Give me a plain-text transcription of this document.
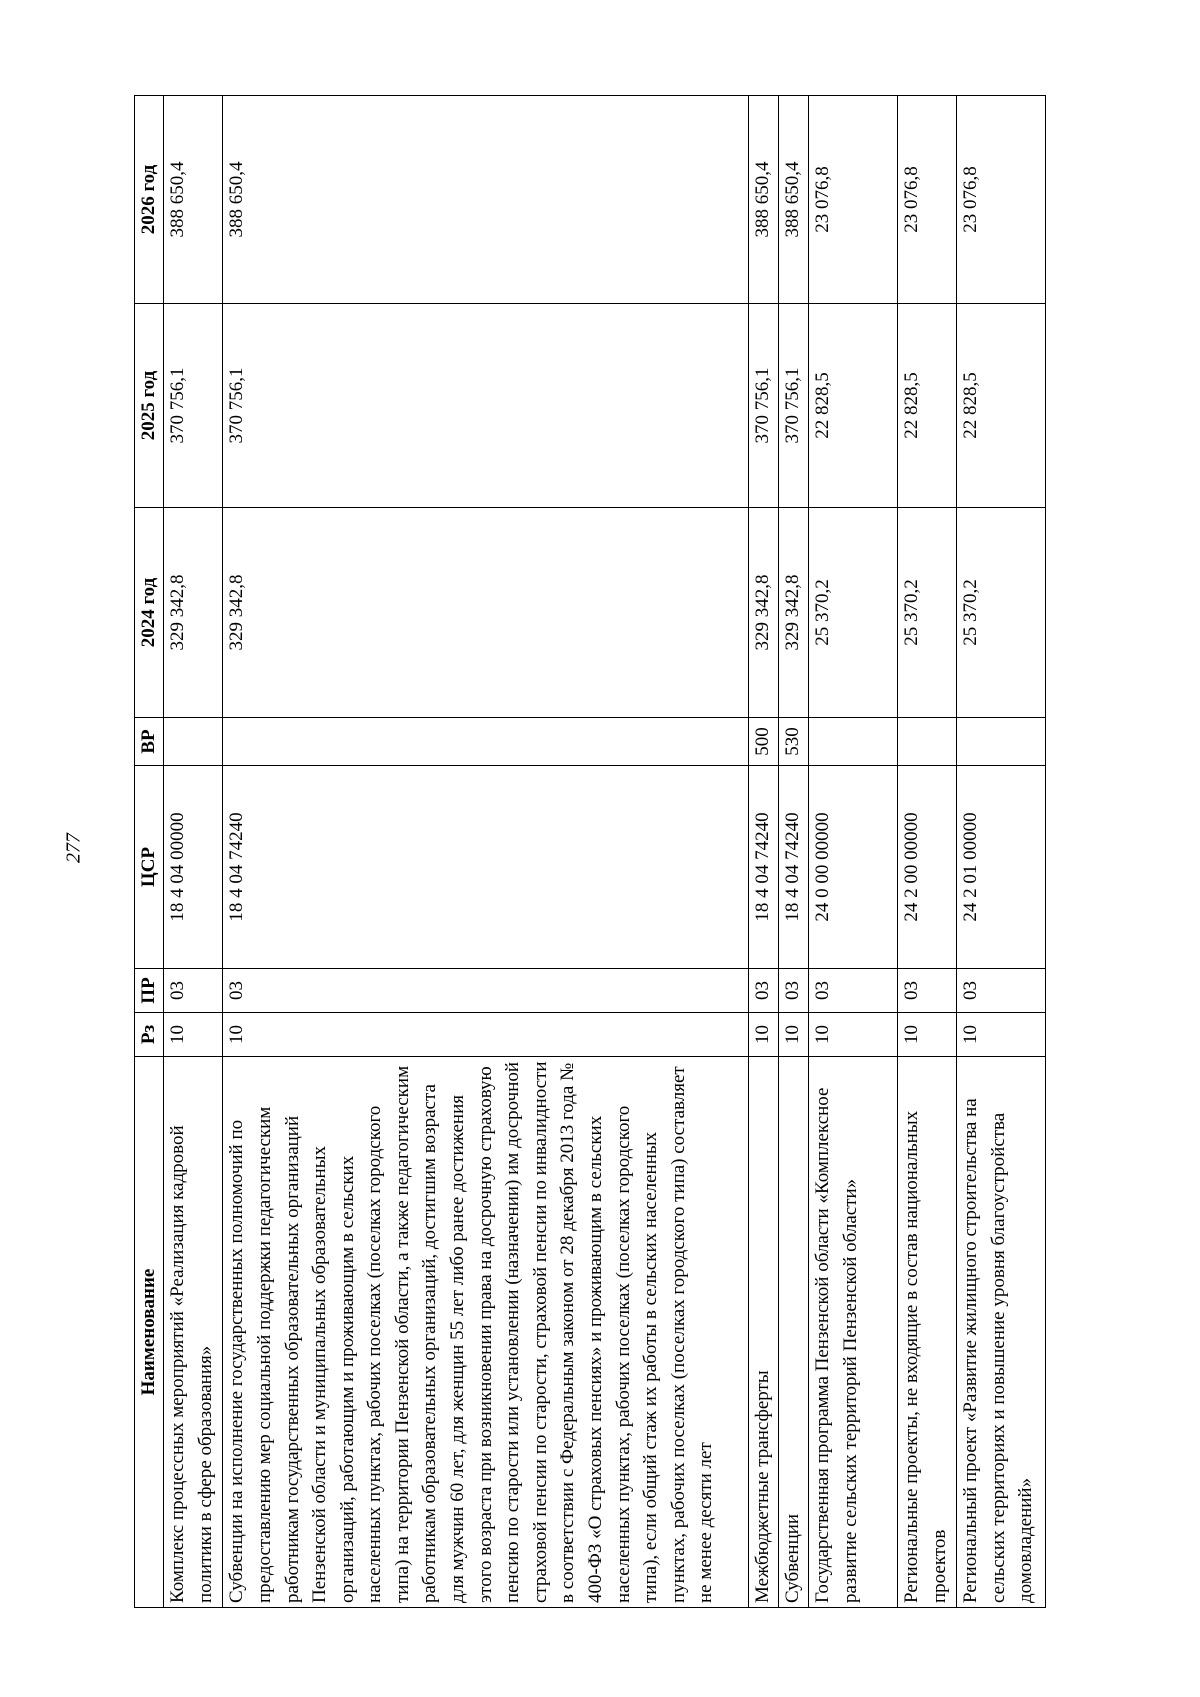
277
Наименование	Рз	ПР	ЦСР	ВР	2024 год	2025 год	2026 год
Комплекс процессных мероприятий «Реализация кадровой политики в сфере образования»	10	03	18 4 04 00000		329 342,8	370 756,1	388 650,4
Субвенции на исполнение государственных полномочий по предоставлению мер социальной поддержки педагогическим работникам государственных образовательных организаций Пензенской области и муниципальных образовательных организаций, работающим и проживающим в сельских населенных пунктах, рабочих поселках (поселках городского типа) на территории Пензенской области, а также педагогическим работникам образовательных организаций, достигшим возраста для мужчин 60 лет, для женщин 55 лет либо ранее достижения этого возраста при возникновении права на досрочную страховую пенсию по старости или установлении (назначении) им досрочной страховой пенсии по старости, страховой пенсии по инвалидности в соответствии с Федеральным законом от 28 декабря 2013 года № 400-ФЗ «О страховых пенсиях» и проживающим в сельских населенных пунктах, рабочих поселках (поселках городского типа), если общий стаж их работы в сельских населенных пунктах, рабочих поселках (поселках городского типа) составляет не менее десяти лет	10	03	18 4 04 74240		329 342,8	370 756,1	388 650,4
Межбюджетные трансферты	10	03	18 4 04 74240	500	329 342,8	370 756,1	388 650,4
Субвенции	10	03	18 4 04 74240	530	329 342,8	370 756,1	388 650,4
Государственная программа Пензенской области «Комплексное развитие сельских территорий Пензенской области»	10	03	24 0 00 00000		25 370,2	22 828,5	23 076,8
Региональные проекты, не входящие в состав национальных проектов	10	03	24 2 00 00000		25 370,2	22 828,5	23 076,8
Региональный проект «Развитие жилищного строительства на сельских территориях и повышение уровня благоустройства домовладений»	10	03	24 2 01 00000		25 370,2	22 828,5	23 076,8
